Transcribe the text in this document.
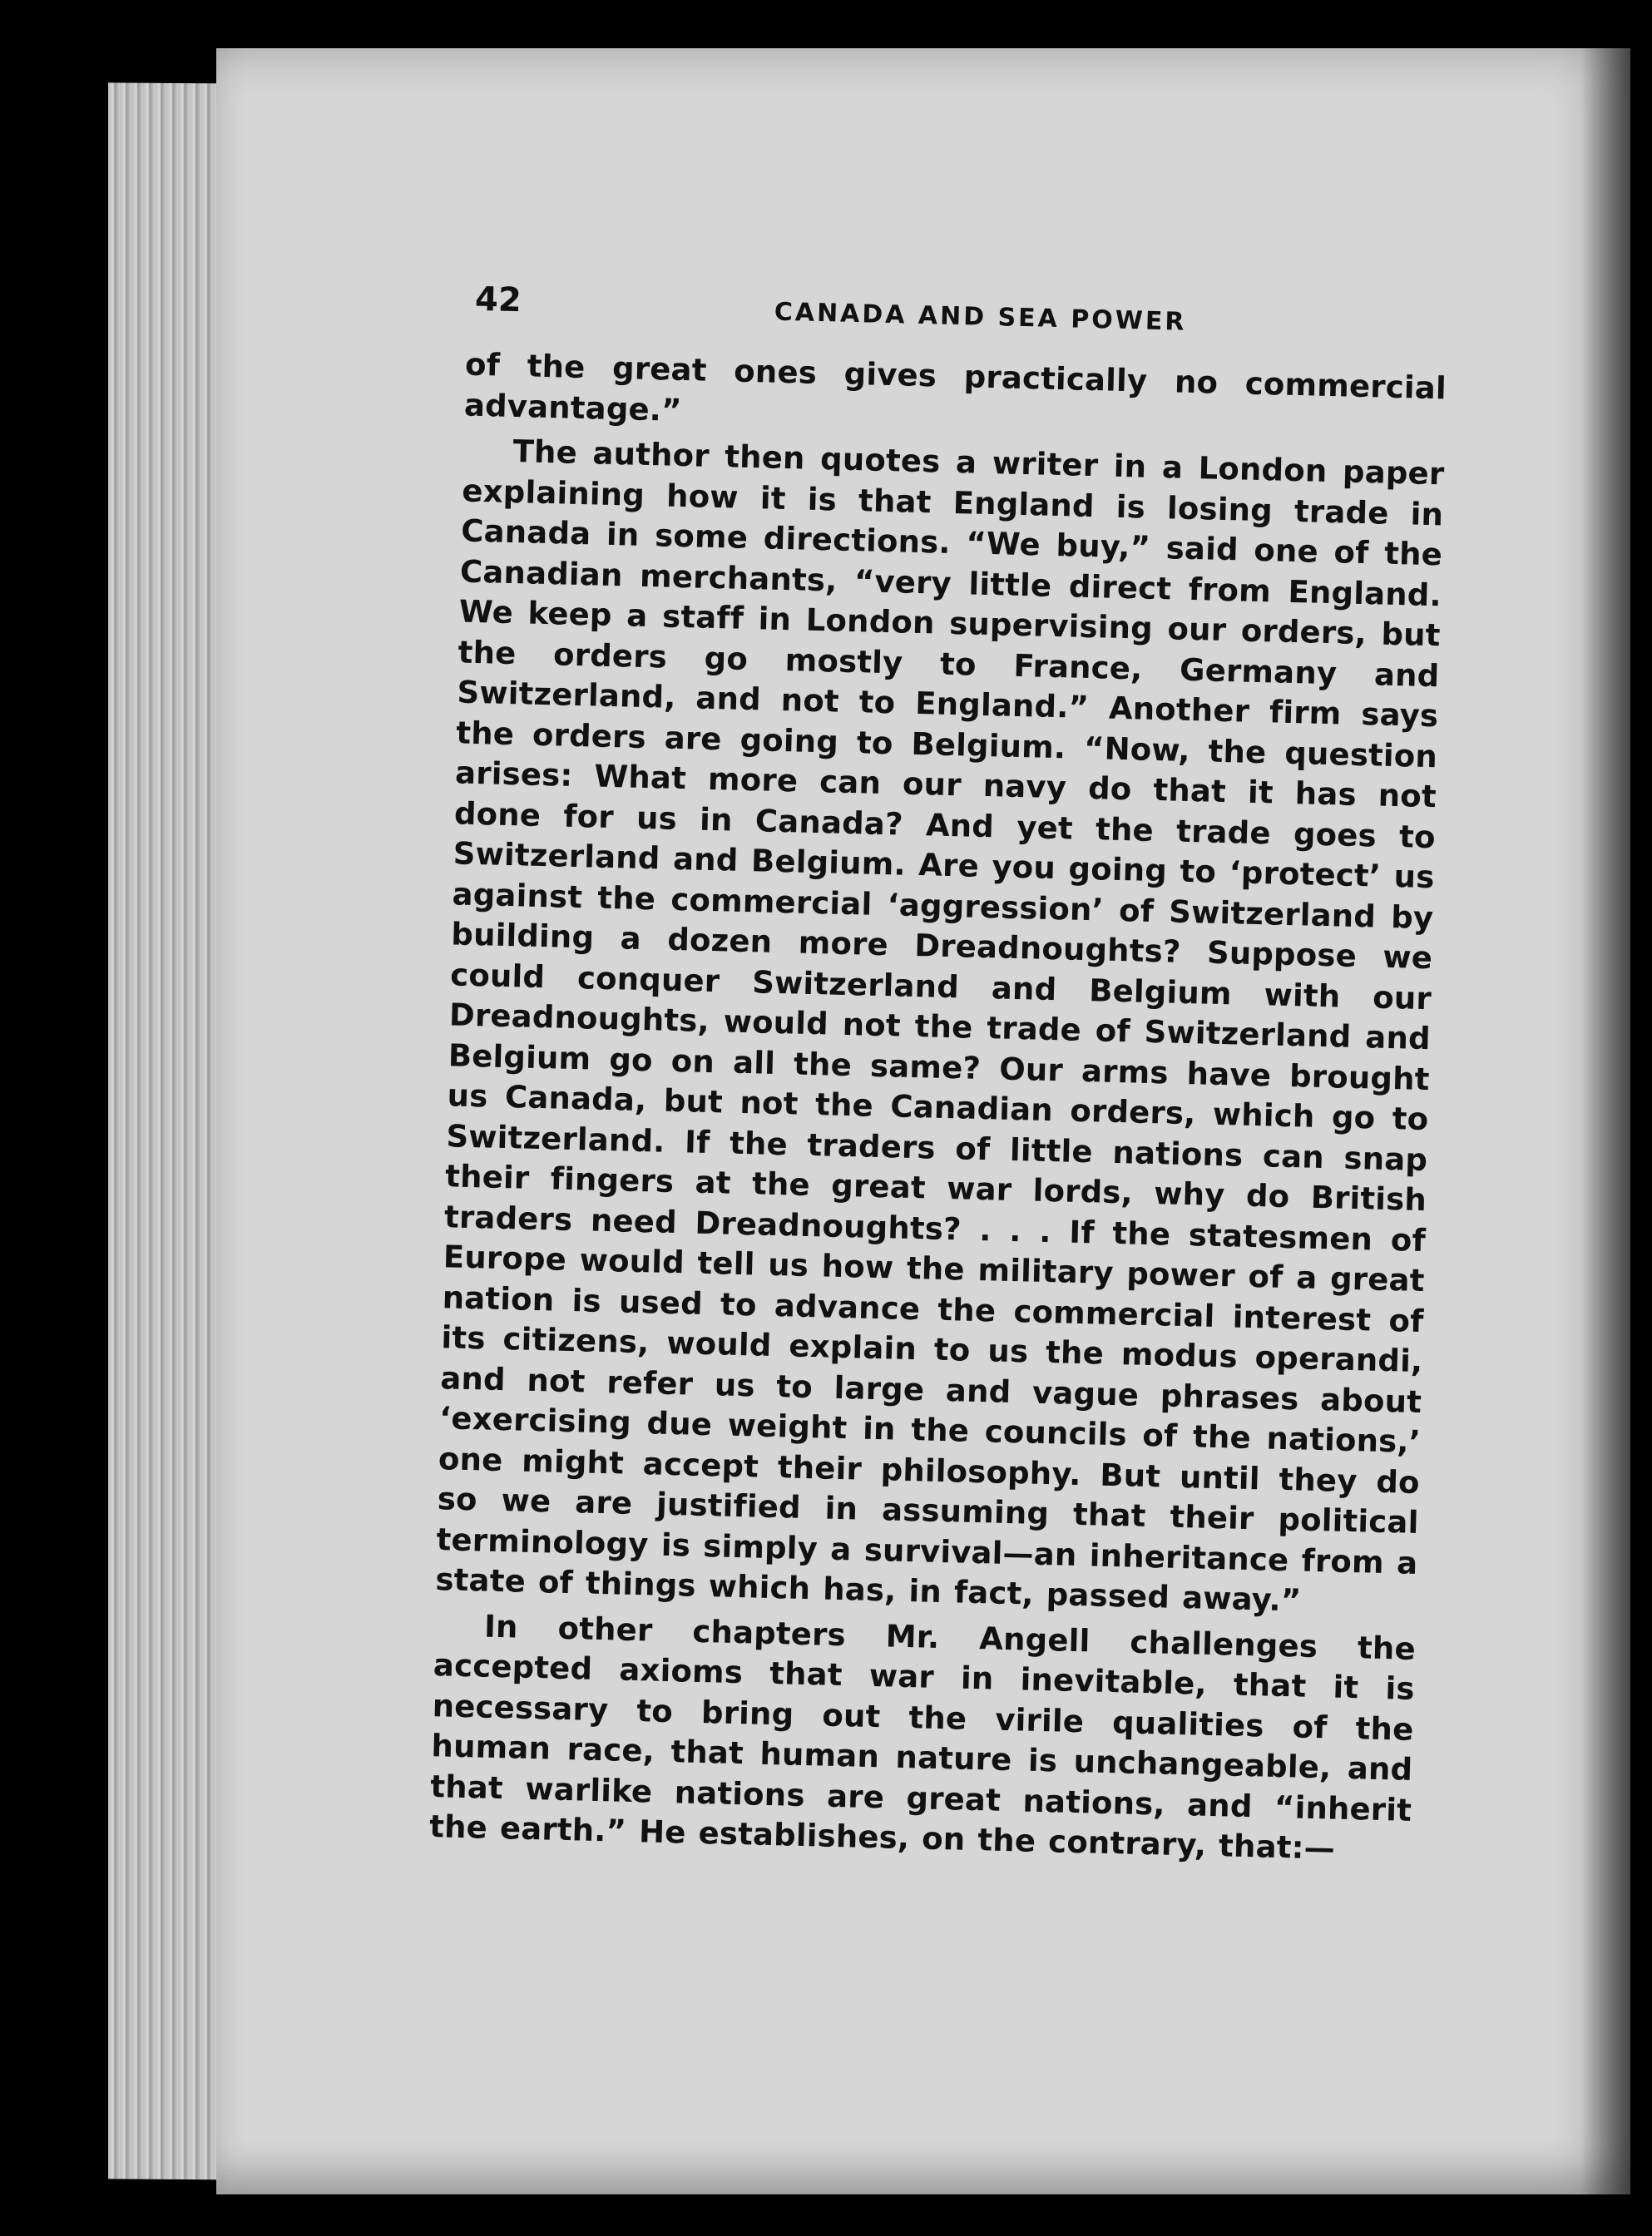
42	CANADA AND SEA POWER

of the great ones gives practically no commercial advantage.”

The author then quotes a writer in a London paper explaining how it is that England is losing trade in Canada in some directions. “We buy,” said one of the Canadian merchants, “very little direct from England. We keep a staff in London supervising our orders, but the orders go mostly to France, Germany and Switzerland, and not to England.” Another firm says the orders are going to Belgium. “Now, the question arises: What more can our navy do that it has not done for us in Canada? And yet the trade goes to Switzerland and Belgium. Are you going to ‘protect’ us against the commercial ‘aggression’ of Switzerland by building a dozen more Dreadnoughts? Suppose we could conquer Switzerland and Belgium with our Dreadnoughts, would not the trade of Switzerland and Belgium go on all the same? Our arms have brought us Canada, but not the Canadian orders, which go to Switzerland. If the traders of little nations can snap their fingers at the great war lords, why do British traders need Dreadnoughts? . . . If the statesmen of Europe would tell us how the military power of a great nation is used to advance the commercial interest of its citizens, would explain to us the modus operandi, and not refer us to large and vague phrases about ‘exercising due weight in the councils of the nations,’ one might accept their philosophy. But until they do so we are justified in assuming that their political terminology is simply a survival—an inheritance from a state of things which has, in fact, passed away.”

In other chapters Mr. Angell challenges the accepted axioms that war in inevitable, that it is necessary to bring out the virile qualities of the human race, that human nature is unchangeable, and that warlike nations are great nations, and “inherit the earth.” He establishes, on the contrary, that:—
